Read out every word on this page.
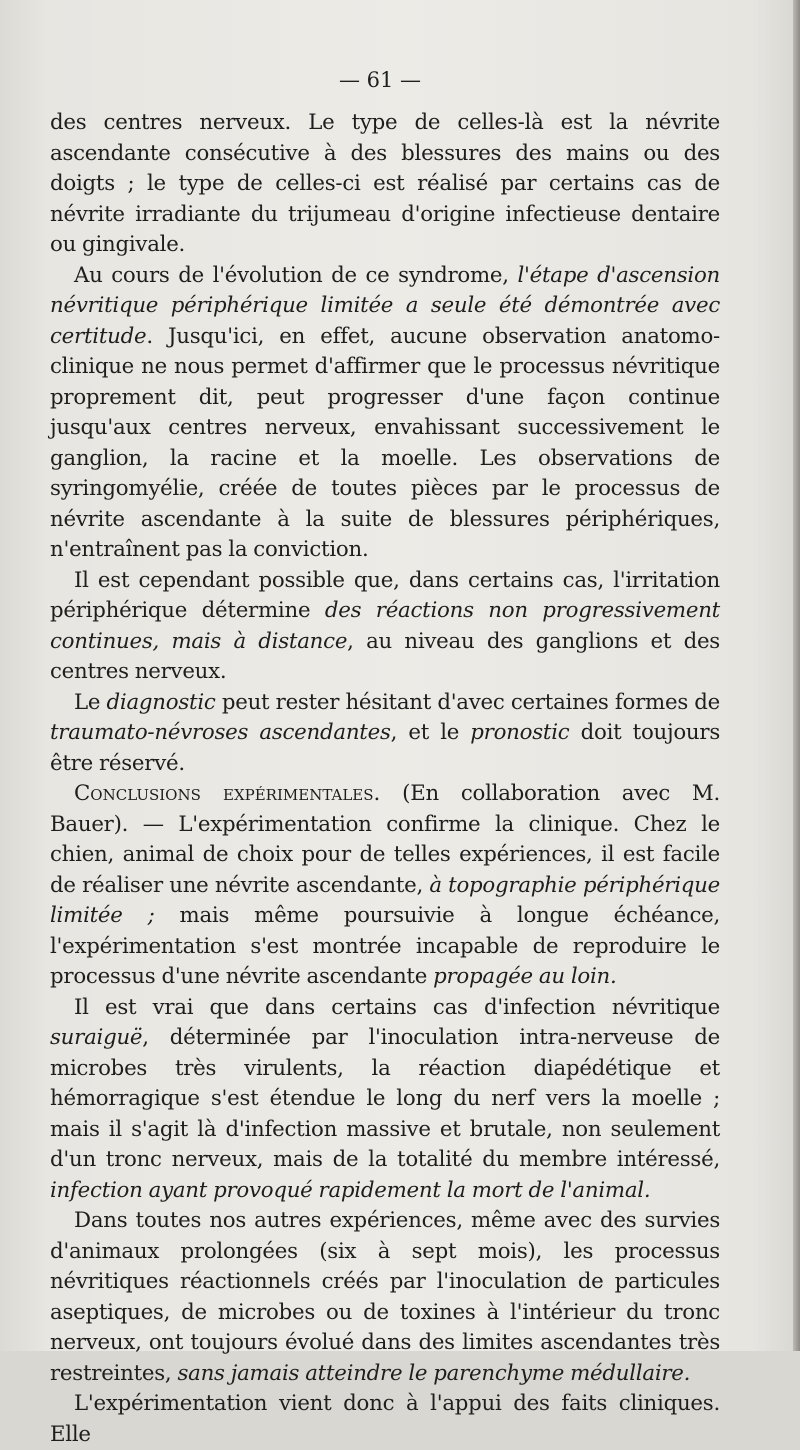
— 61 —

des centres nerveux. Le type de celles-là est la névrite ascendante consécutive à des blessures des mains ou des doigts ; le type de celles-ci est réalisé par certains cas de névrite irradiante du trijumeau d'origine infectieuse dentaire ou gingivale.

Au cours de l'évolution de ce syndrome, l'étape d'ascension névritique périphérique limitée a seule été démontrée avec certitude. Jusqu'ici, en effet, aucune observation anatomo-clinique ne nous permet d'affirmer que le processus névritique proprement dit, peut progresser d'une façon continue jusqu'aux centres nerveux, envahissant successivement le ganglion, la racine et la moelle. Les observations de syringomyélie, créée de toutes pièces par le processus de névrite ascendante à la suite de blessures périphériques, n'entraînent pas la conviction.

Il est cependant possible que, dans certains cas, l'irritation périphérique détermine des réactions non progressivement continues, mais à distance, au niveau des ganglions et des centres nerveux.

Le diagnostic peut rester hésitant d'avec certaines formes de traumato-névroses ascendantes, et le pronostic doit toujours être réservé.

Conclusions expérimentales. (En collaboration avec M. Bauer). — L'expérimentation confirme la clinique. Chez le chien, animal de choix pour de telles expériences, il est facile de réaliser une névrite ascendante, à topographie périphérique limitée ; mais même poursuivie à longue échéance, l'expérimentation s'est montrée incapable de reproduire le processus d'une névrite ascendante propagée au loin.

Il est vrai que dans certains cas d'infection névritique suraiguë, déterminée par l'inoculation intra-nerveuse de microbes très virulents, la réaction diapédétique et hémorragique s'est étendue le long du nerf vers la moelle ; mais il s'agit là d'infection massive et brutale, non seulement d'un tronc nerveux, mais de la totalité du membre intéressé, infection ayant provoqué rapidement la mort de l'animal.

Dans toutes nos autres expériences, même avec des survies d'animaux prolongées (six à sept mois), les processus névritiques réactionnels créés par l'inoculation de particules aseptiques, de microbes ou de toxines à l'intérieur du tronc nerveux, ont toujours évolué dans des limites ascendantes très restreintes, sans jamais atteindre le parenchyme médullaire.

L'expérimentation vient donc à l'appui des faits cliniques. Elle
